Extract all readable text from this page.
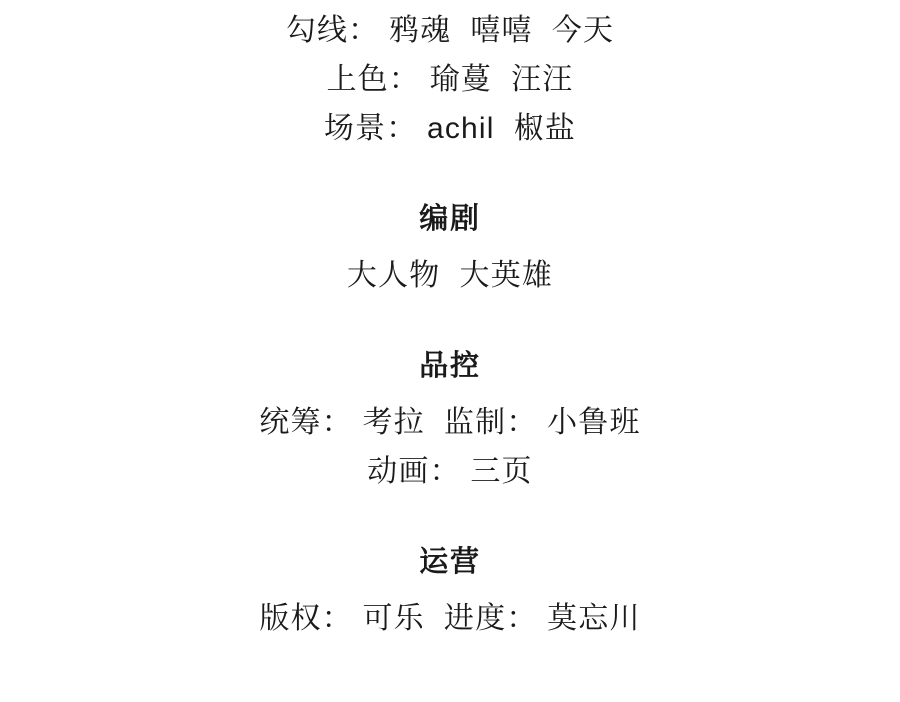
勾线： 鸦魂  嘻嘻  今天
上色： 瑜蔓  汪汪
场景： achil  椒盐
编剧
大人物  大英雄
品控
统筹： 考拉  监制： 小鲁班
动画： 三页
运营
版权： 可乐  进度： 莫忘川
